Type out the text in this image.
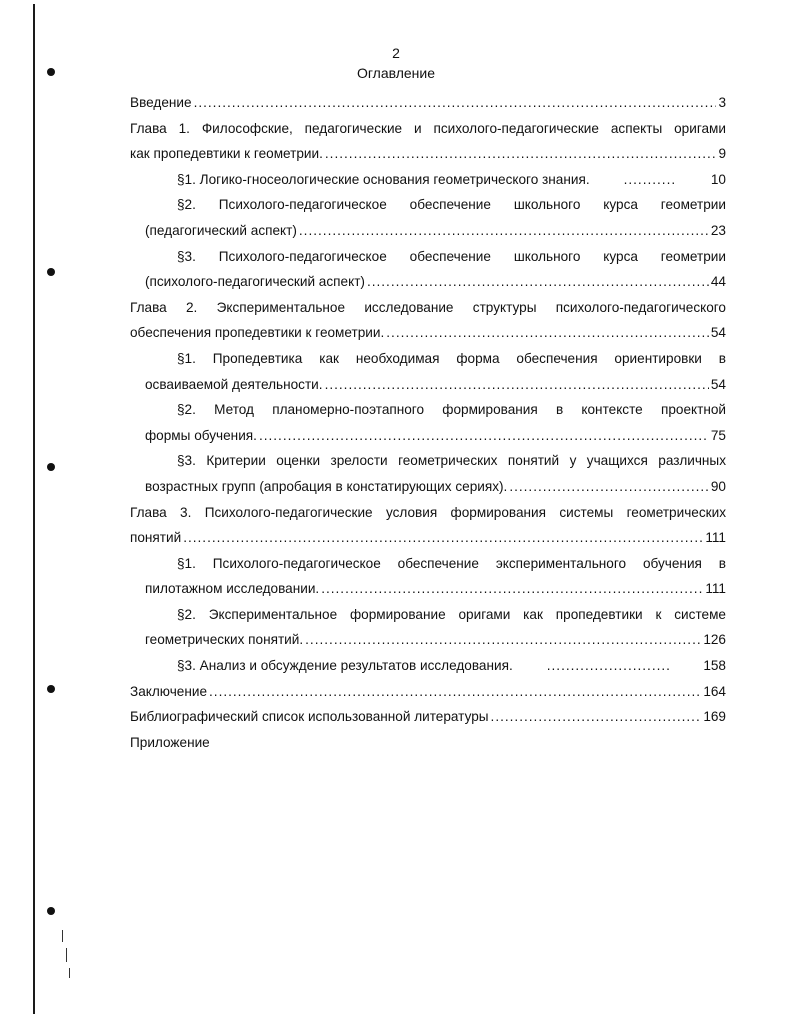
2
Оглавление
Введение .....	3
Глава 1. Философские, педагогические и психолого-педагогические аспекты оригами
как пропедевтики к геометрии. .....	9
§1. Логико-гносеологические основания геометрического знания. .....	10
§2. Психолого-педагогическое обеспечение школьного курса геометрии
(педагогический аспект) .....	23
§3. Психолого-педагогическое обеспечение школьного курса геометрии
(психолого-педагогический аспект) .....	44
Глава 2. Экспериментальное исследование структуры психолого-педагогического
обеспечения пропедевтики к геометрии. .....	54
§1. Пропедевтика как необходимая форма обеспечения ориентировки в
осваиваемой деятельности. .....	54
§2. Метод планомерно-поэтапного формирования в контексте проектной
формы обучения. .....	75
§3. Критерии оценки зрелости геометрических понятий у учащихся различных
возрастных групп (апробация в констатирующих сериях). .....	90
Глава 3. Психолого-педагогические условия формирования системы геометрических
понятий .....	111
§1. Психолого-педагогическое обеспечение экспериментального обучения в
пилотажном исследовании. .....	111
§2. Экспериментальное формирование оригами как пропедевтики к системе
геометрических понятий. .....	126
§3. Анализ и обсуждение результатов исследования. .....	158
Заключение .....	164
Библиографический список использованной литературы .....	169
Приложение
